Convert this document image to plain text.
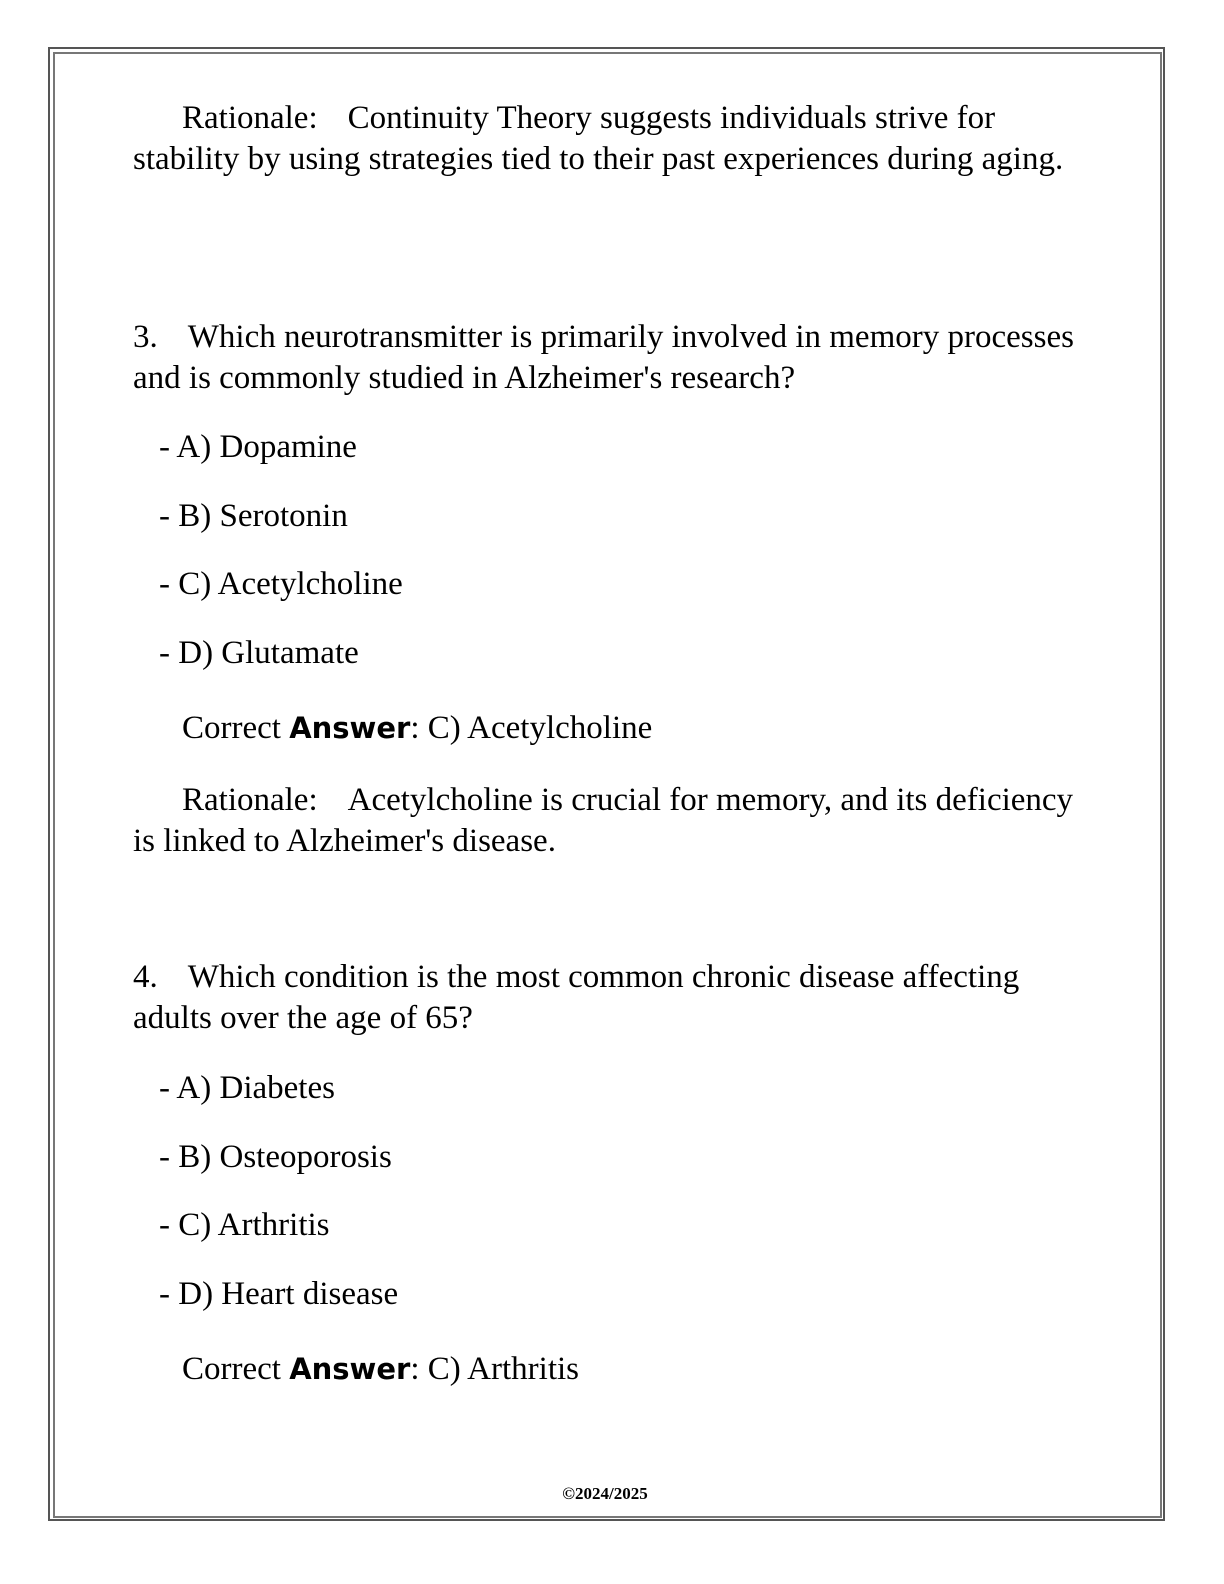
Rationale: Continuity Theory suggests individuals strive for stability by using strategies tied to their past experiences during aging.
3. Which neurotransmitter is primarily involved in memory processes and is commonly studied in Alzheimer's research?
- A) Dopamine
- B) Serotonin
- C) Acetylcholine
- D) Glutamate
Correct Answer: C) Acetylcholine
Rationale: Acetylcholine is crucial for memory, and its deficiency is linked to Alzheimer's disease.
4. Which condition is the most common chronic disease affecting adults over the age of 65?
- A) Diabetes
- B) Osteoporosis
- C) Arthritis
- D) Heart disease
Correct Answer: C) Arthritis
©2024/2025
